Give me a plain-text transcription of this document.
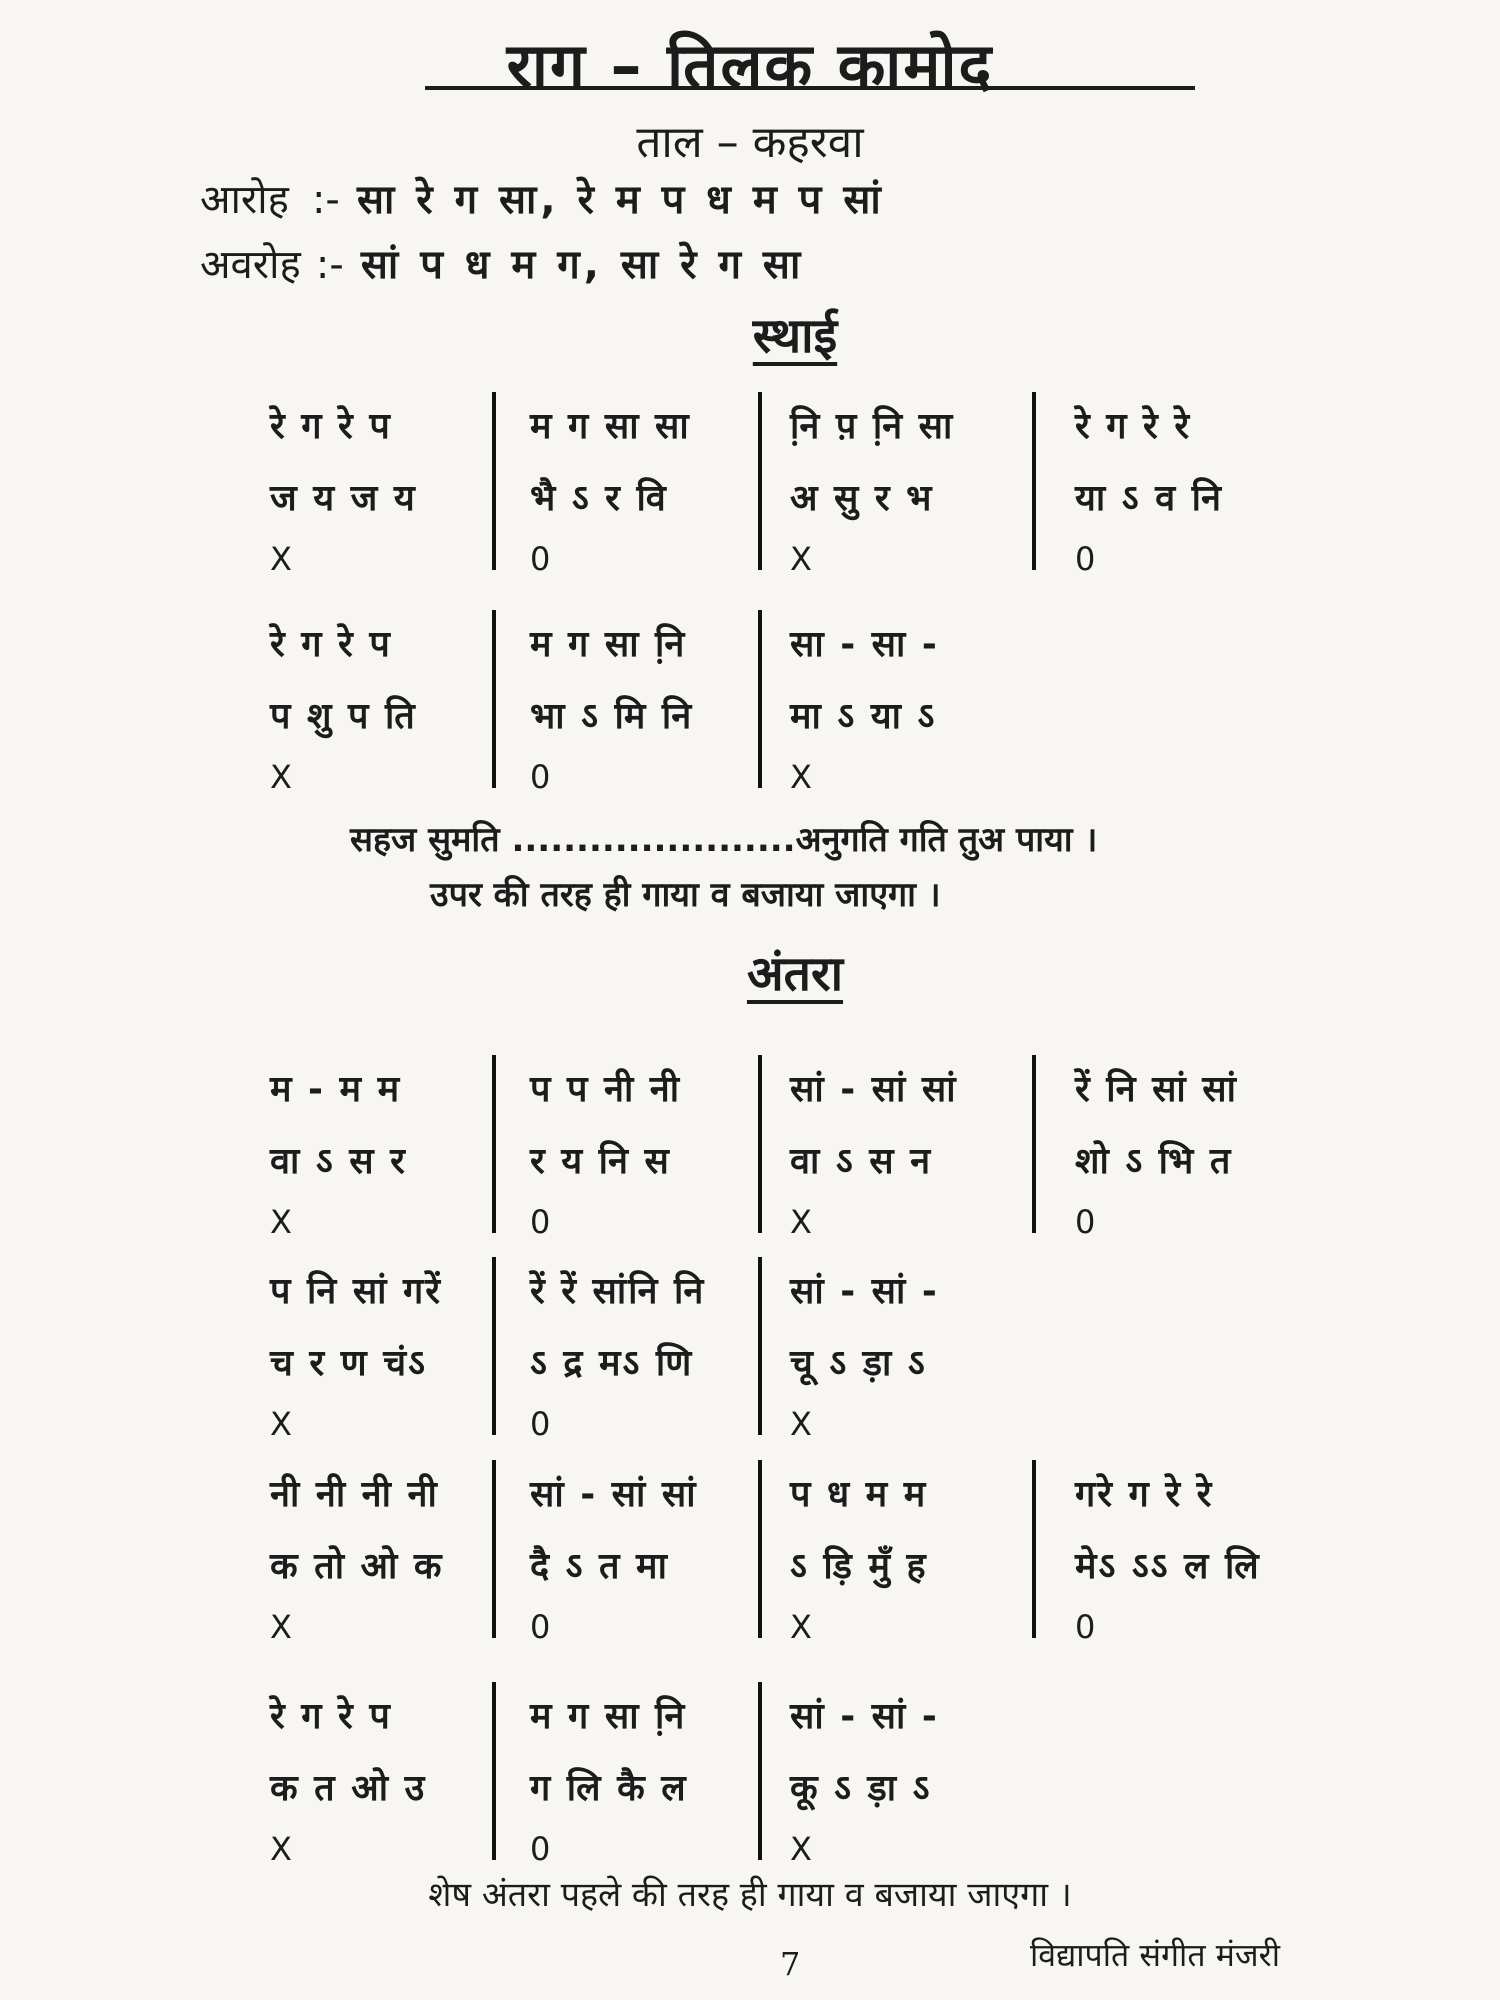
राग – तिलक कामोद
ताल – कहरवा
आरोह :- सा रे ग सा, रे म प ध म प सां
अवरोह :- सां प ध म ग, सा रे ग सा
स्थाई
रे ग रे प
ज य ज य
X
म ग सा सा
भै ऽ र वि
0
नि़ प़ नि़ सा
अ सु र भ
X
रे ग रे रे
या ऽ व नि
0
रे ग रे प
प शु प ति
X
म ग सा नि़
भा ऽ मि नि
0
सा - सा -
मा ऽ या ऽ
X
सहज सुमति ......................अनुगति गति तुअ पाया ।
उपर की तरह ही गाया व बजाया जाएगा ।
अंतरा
म - म म
वा ऽ स र
X
प प नी नी
र य नि स
0
सां - सां सां
वा ऽ स न
X
रें नि सां सां
शो ऽ भि त
0
प नि सां गरें
च र ण चंऽ
X
रें रें सांनि नि
ऽ द्र मऽ णि
0
सां - सां -
चू ऽ ड़ा ऽ
X
नी नी नी नी
क तो ओ क
X
सां - सां सां
दै ऽ त मा
0
प ध म म
ऽ ड़ि मुँ ह
X
गरे ग रे रे
मेऽ ऽऽ ल लि
0
रे ग रे प
क त ओ उ
X
म ग सा नि़
ग लि कै ल
0
सां - सां -
कू ऽ ड़ा ऽ
X
शेष अंतरा पहले की तरह ही गाया व बजाया जाएगा ।
7	विद्यापति संगीत मंजरी
